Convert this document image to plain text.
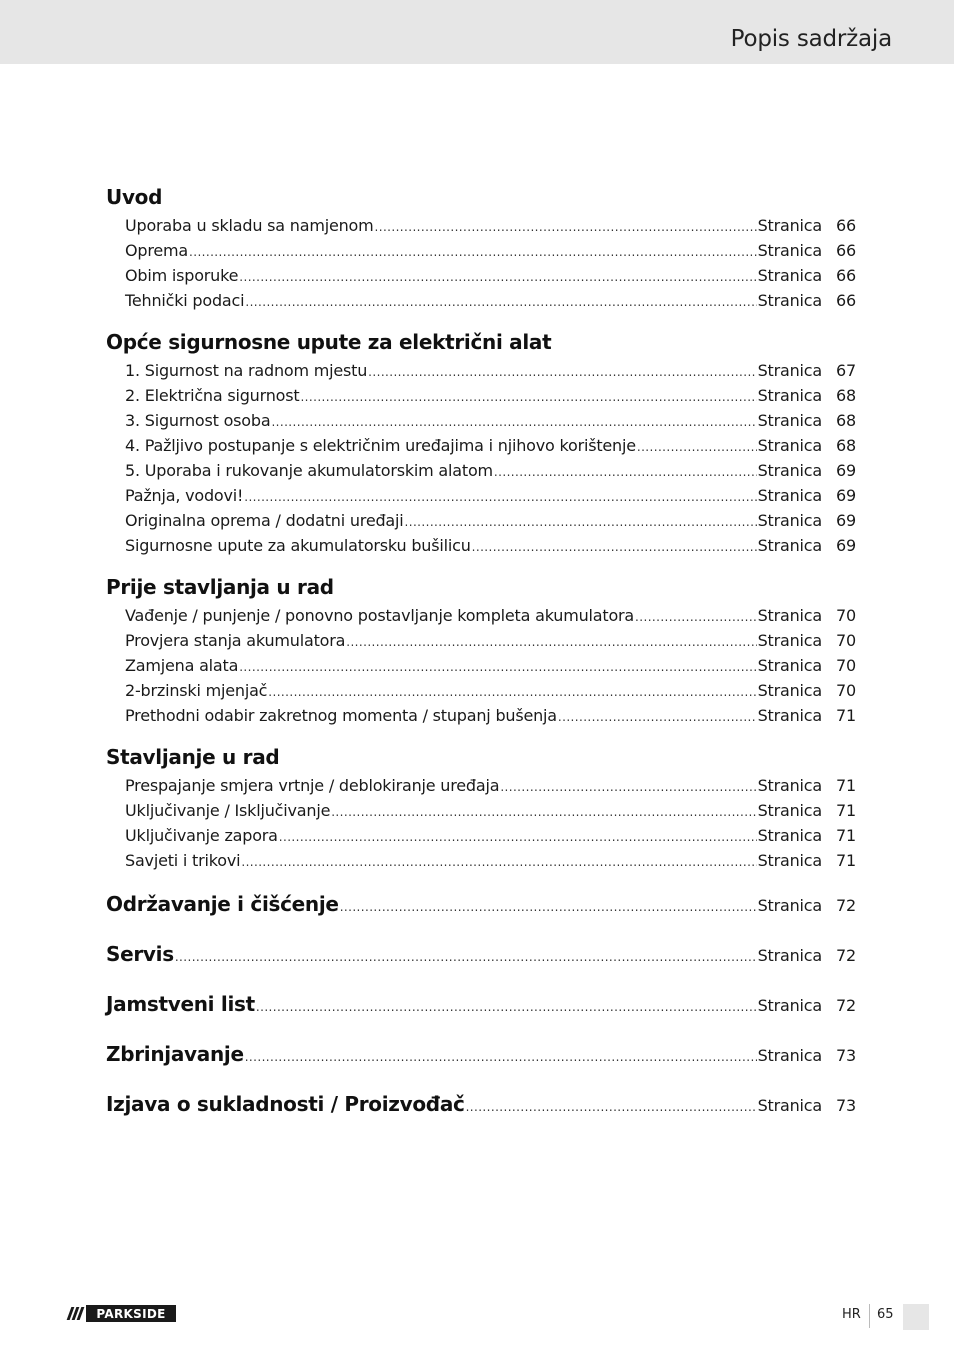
Popis sadržaja
Uvod
Uporaba u skladu sa namjenom .....	Stranica 66
Oprema .....	Stranica 66
Obim isporuke .....	Stranica 66
Tehnički podaci .....	Stranica 66
Opće sigurnosne upute za električni alat
1. Sigurnost na radnom mjestu .....	Stranica 67
2. Električna sigurnost .....	Stranica 68
3. Sigurnost osoba .....	Stranica 68
4. Pažljivo postupanje s električnim uređajima i njihovo korištenje .....	Stranica 68
5. Uporaba i rukovanje akumulatorskim alatom .....	Stranica 69
Pažnja, vodovi! .....	Stranica 69
Originalna oprema / dodatni uređaji .....	Stranica 69
Sigurnosne upute za akumulatorsku bušilicu .....	Stranica 69
Prije stavljanja u rad
Vađenje / punjenje / ponovno postavljanje kompleta akumulatora .....	Stranica 70
Provjera stanja akumulatora .....	Stranica 70
Zamjena alata .....	Stranica 70
2-brzinski mjenjač .....	Stranica 70
Prethodni odabir zakretnog momenta / stupanj bušenja .....	Stranica 71
Stavljanje u rad
Prespajanje smjera vrtnje / deblokiranje uređaja .....	Stranica 71
Uključivanje / Isključivanje .....	Stranica 71
Uključivanje zapora .....	Stranica 71
Savjeti i trikovi .....	Stranica 71
Održavanje i čišćenje .....	Stranica 72
Servis .....	Stranica 72
Jamstveni list .....	Stranica 72
Zbrinjavanje .....	Stranica 73
Izjava o sukladnosti / Proizvođač .....	Stranica 73
PARKSIDE	HR 65
